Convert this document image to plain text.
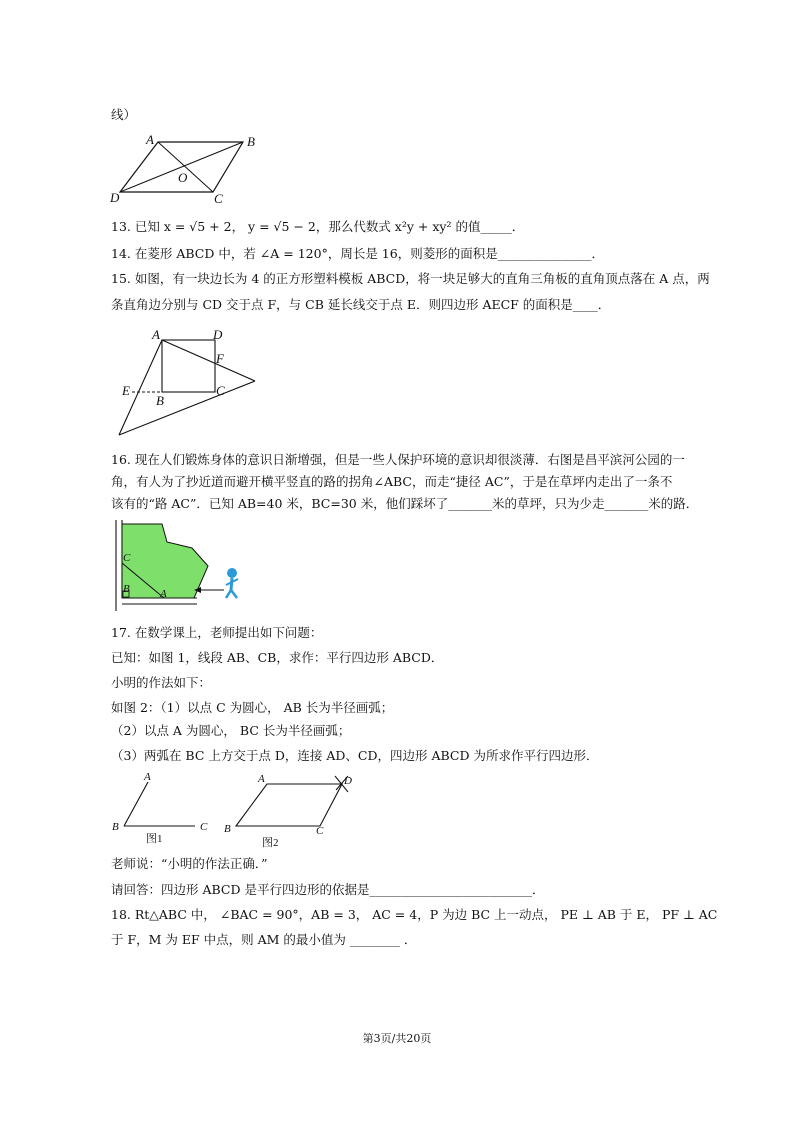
线）
A	B
O
D	C
13. 已知 x = √5 + 2， y = √5 − 2，那么代数式 x²y + xy² 的值_____．
14. 在菱形 ABCD 中，若 ∠A = 120°，周长是 16，则菱形的面积是_______________．
15. 如图，有一块边长为 4 的正方形塑料模板 ABCD，将一块足够大的直角三角板的直角顶点落在 A 点，两
条直角边分别与 CD 交于点 F，与 CB 延长线交于点 E．则四边形 AECF 的面积是____．
A	D
F
E
B
C
16. 现在人们锻炼身体的意识日渐增强，但是一些人保护环境的意识却很淡薄．右图是昌平滨河公园的一
角，有人为了抄近道而避开横平竖直的路的拐角∠ABC，而走“捷径 AC”，于是在草坪内走出了一条不
该有的“路 AC”．已知 AB=40 米，BC=30 米，他们踩坏了_______米的草坪，只为少走_______米的路．
C
B	A
17. 在数学课上，老师提出如下问题：
已知：如图 1，线段 AB、CB，求作：平行四边形 ABCD．
小明的作法如下：
如图 2：（1）以点 C 为圆心， AB 长为半径画弧；
（2）以点 A 为圆心， BC 长为半径画弧；
（3）两弧在 BC 上方交于点 D，连接 AD、CD，四边形 ABCD 为所求作平行四边形．
A
B	C
图1
A	D
B	C
图2
老师说：“小明的作法正确．”
请回答：四边形 ABCD 是平行四边形的依据是__________________________．
18. Rt△ABC 中， ∠BAC = 90°，AB = 3， AC = 4，P 为边 BC 上一动点， PE ⊥ AB 于 E， PF ⊥ AC
于 F，M 为 EF 中点，则 AM 的最小值为 ________ ．
第3页/共20页
